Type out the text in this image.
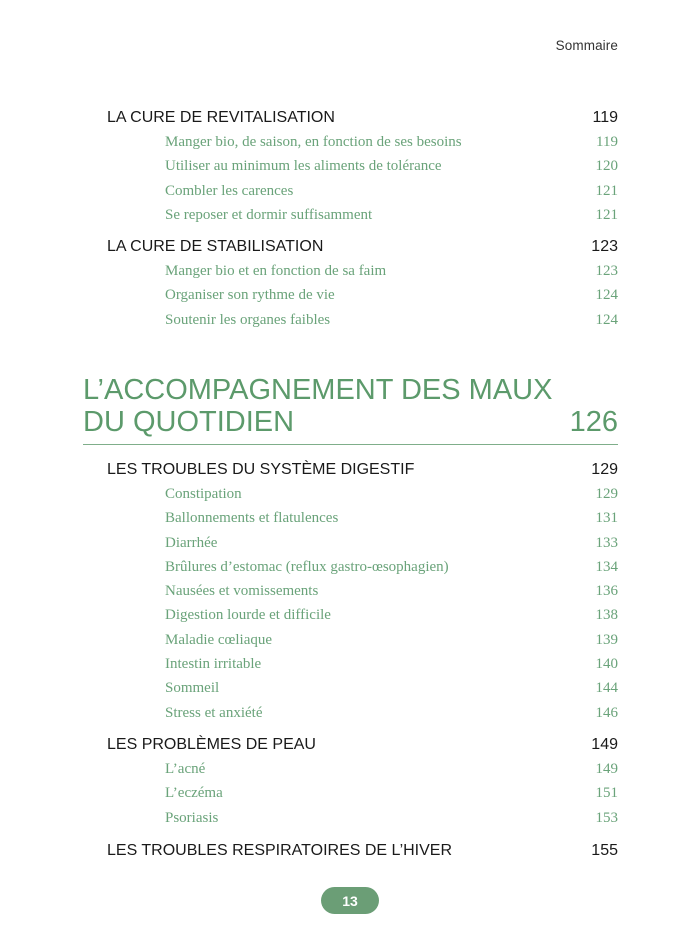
Sommaire
LA CURE DE REVITALISATION	119
Manger bio, de saison, en fonction de ses besoins	119
Utiliser au minimum les aliments de tolérance	120
Combler les carences	121
Se reposer et dormir suffisamment	121
LA CURE DE STABILISATION	123
Manger bio et en fonction de sa faim	123
Organiser son rythme de vie	124
Soutenir les organes faibles	124
L’ACCOMPAGNEMENT DES MAUX
DU QUOTIDIEN	126
LES TROUBLES DU SYSTÈME DIGESTIF	129
Constipation	129
Ballonnements et flatulences	131
Diarrhée	133
Brûlures d’estomac (reflux gastro-œsophagien)	134
Nausées et vomissements	136
Digestion lourde et difficile	138
Maladie cœliaque	139
Intestin irritable	140
Sommeil	144
Stress et anxiété	146
LES PROBLÈMES DE PEAU	149
L’acné	149
L’eczéma	151
Psoriasis	153
LES TROUBLES RESPIRATOIRES DE L’HIVER	155
13
